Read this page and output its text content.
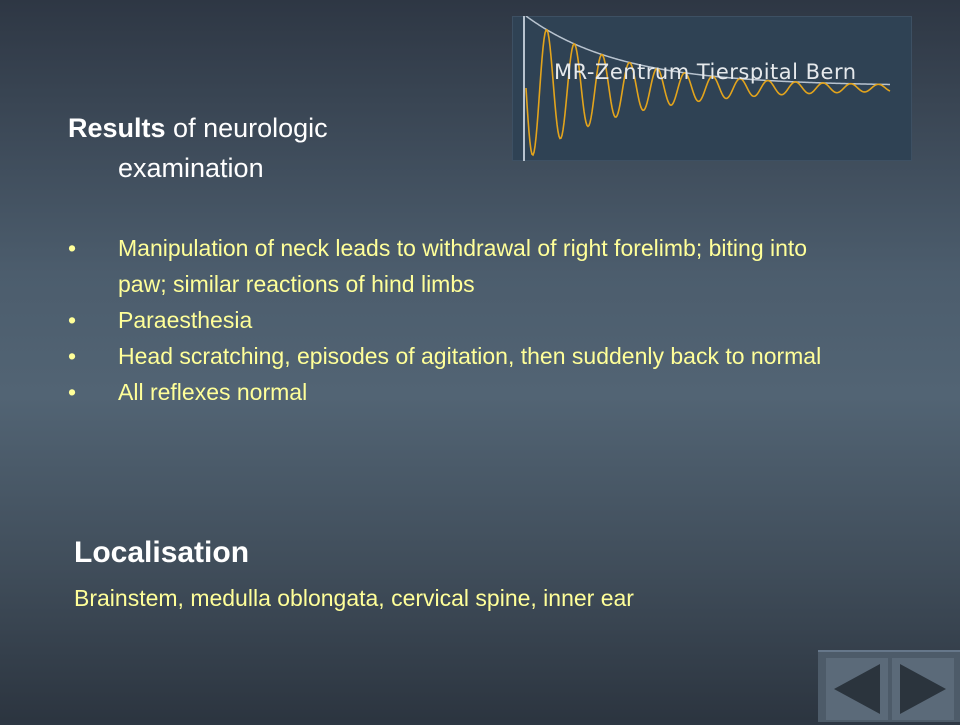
MR-Zentrum Tierspital Bern
Results of neurologic
examination
• Manipulation of neck leads to withdrawal of right forelimb; biting into paw; similar reactions of hind limbs
• Paraesthesia
• Head scratching, episodes of agitation, then suddenly back to normal
• All reflexes normal
Localisation
Brainstem, medulla oblongata, cervical spine, inner ear
